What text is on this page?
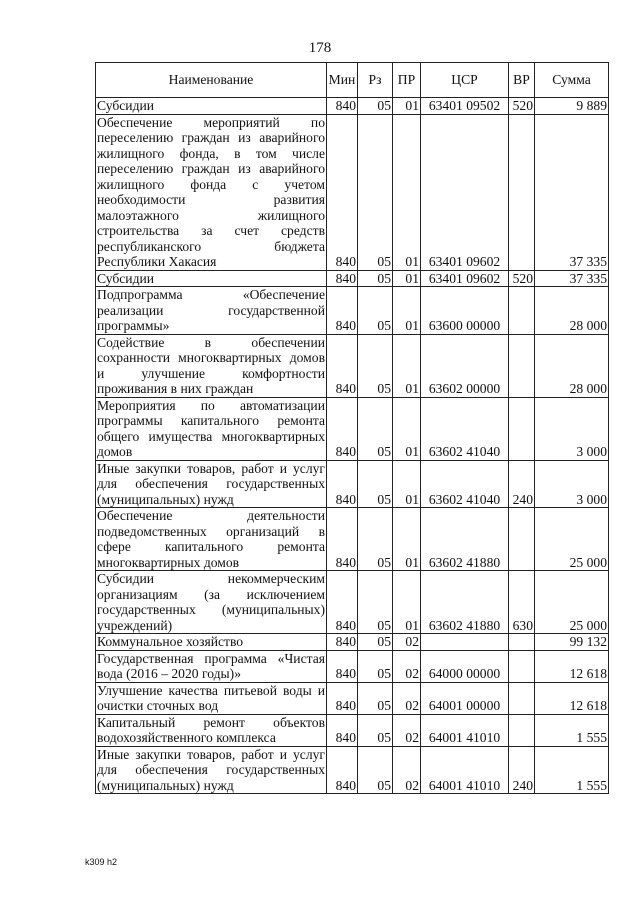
178
Наименование	Мин	Рз	ПР	ЦСР	ВР	Сумма
Субсидии	840	05	01	63401 09502	520	9 889
Обеспечение мероприятий по переселению граждан из аварийного жилищного фонда, в том числе переселению граждан из аварийного жилищного фонда с учетом необходимости развития малоэтажного жилищного строительства за счет средств республиканского бюджета Республики Хакасия	840	05	01	63401 09602		37 335
Субсидии	840	05	01	63401 09602	520	37 335
Подпрограмма «Обеспечение реализации государственной программы»	840	05	01	63600 00000		28 000
Содействие в обеспечении сохранности многоквартирных домов и улучшение комфортности проживания в них граждан	840	05	01	63602 00000		28 000
Мероприятия по автоматизации программы капитального ремонта общего имущества многоквартирных домов	840	05	01	63602 41040		3 000
Иные закупки товаров, работ и услуг для обеспечения государственных (муниципальных) нужд	840	05	01	63602 41040	240	3 000
Обеспечение деятельности подведомственных организаций в сфере капитального ремонта многоквартирных домов	840	05	01	63602 41880		25 000
Субсидии некоммерческим организациям (за исключением государственных (муниципальных) учреждений)	840	05	01	63602 41880	630	25 000
Коммунальное хозяйство	840	05	02			99 132
Государственная программа «Чистая вода (2016 – 2020 годы)»	840	05	02	64000 00000		12 618
Улучшение качества питьевой воды и очистки сточных вод	840	05	02	64001 00000		12 618
Капитальный ремонт объектов водохозяйственного комплекса	840	05	02	64001 41010		1 555
Иные закупки товаров, работ и услуг для обеспечения государственных (муниципальных) нужд	840	05	02	64001 41010	240	1 555
k309 h2
